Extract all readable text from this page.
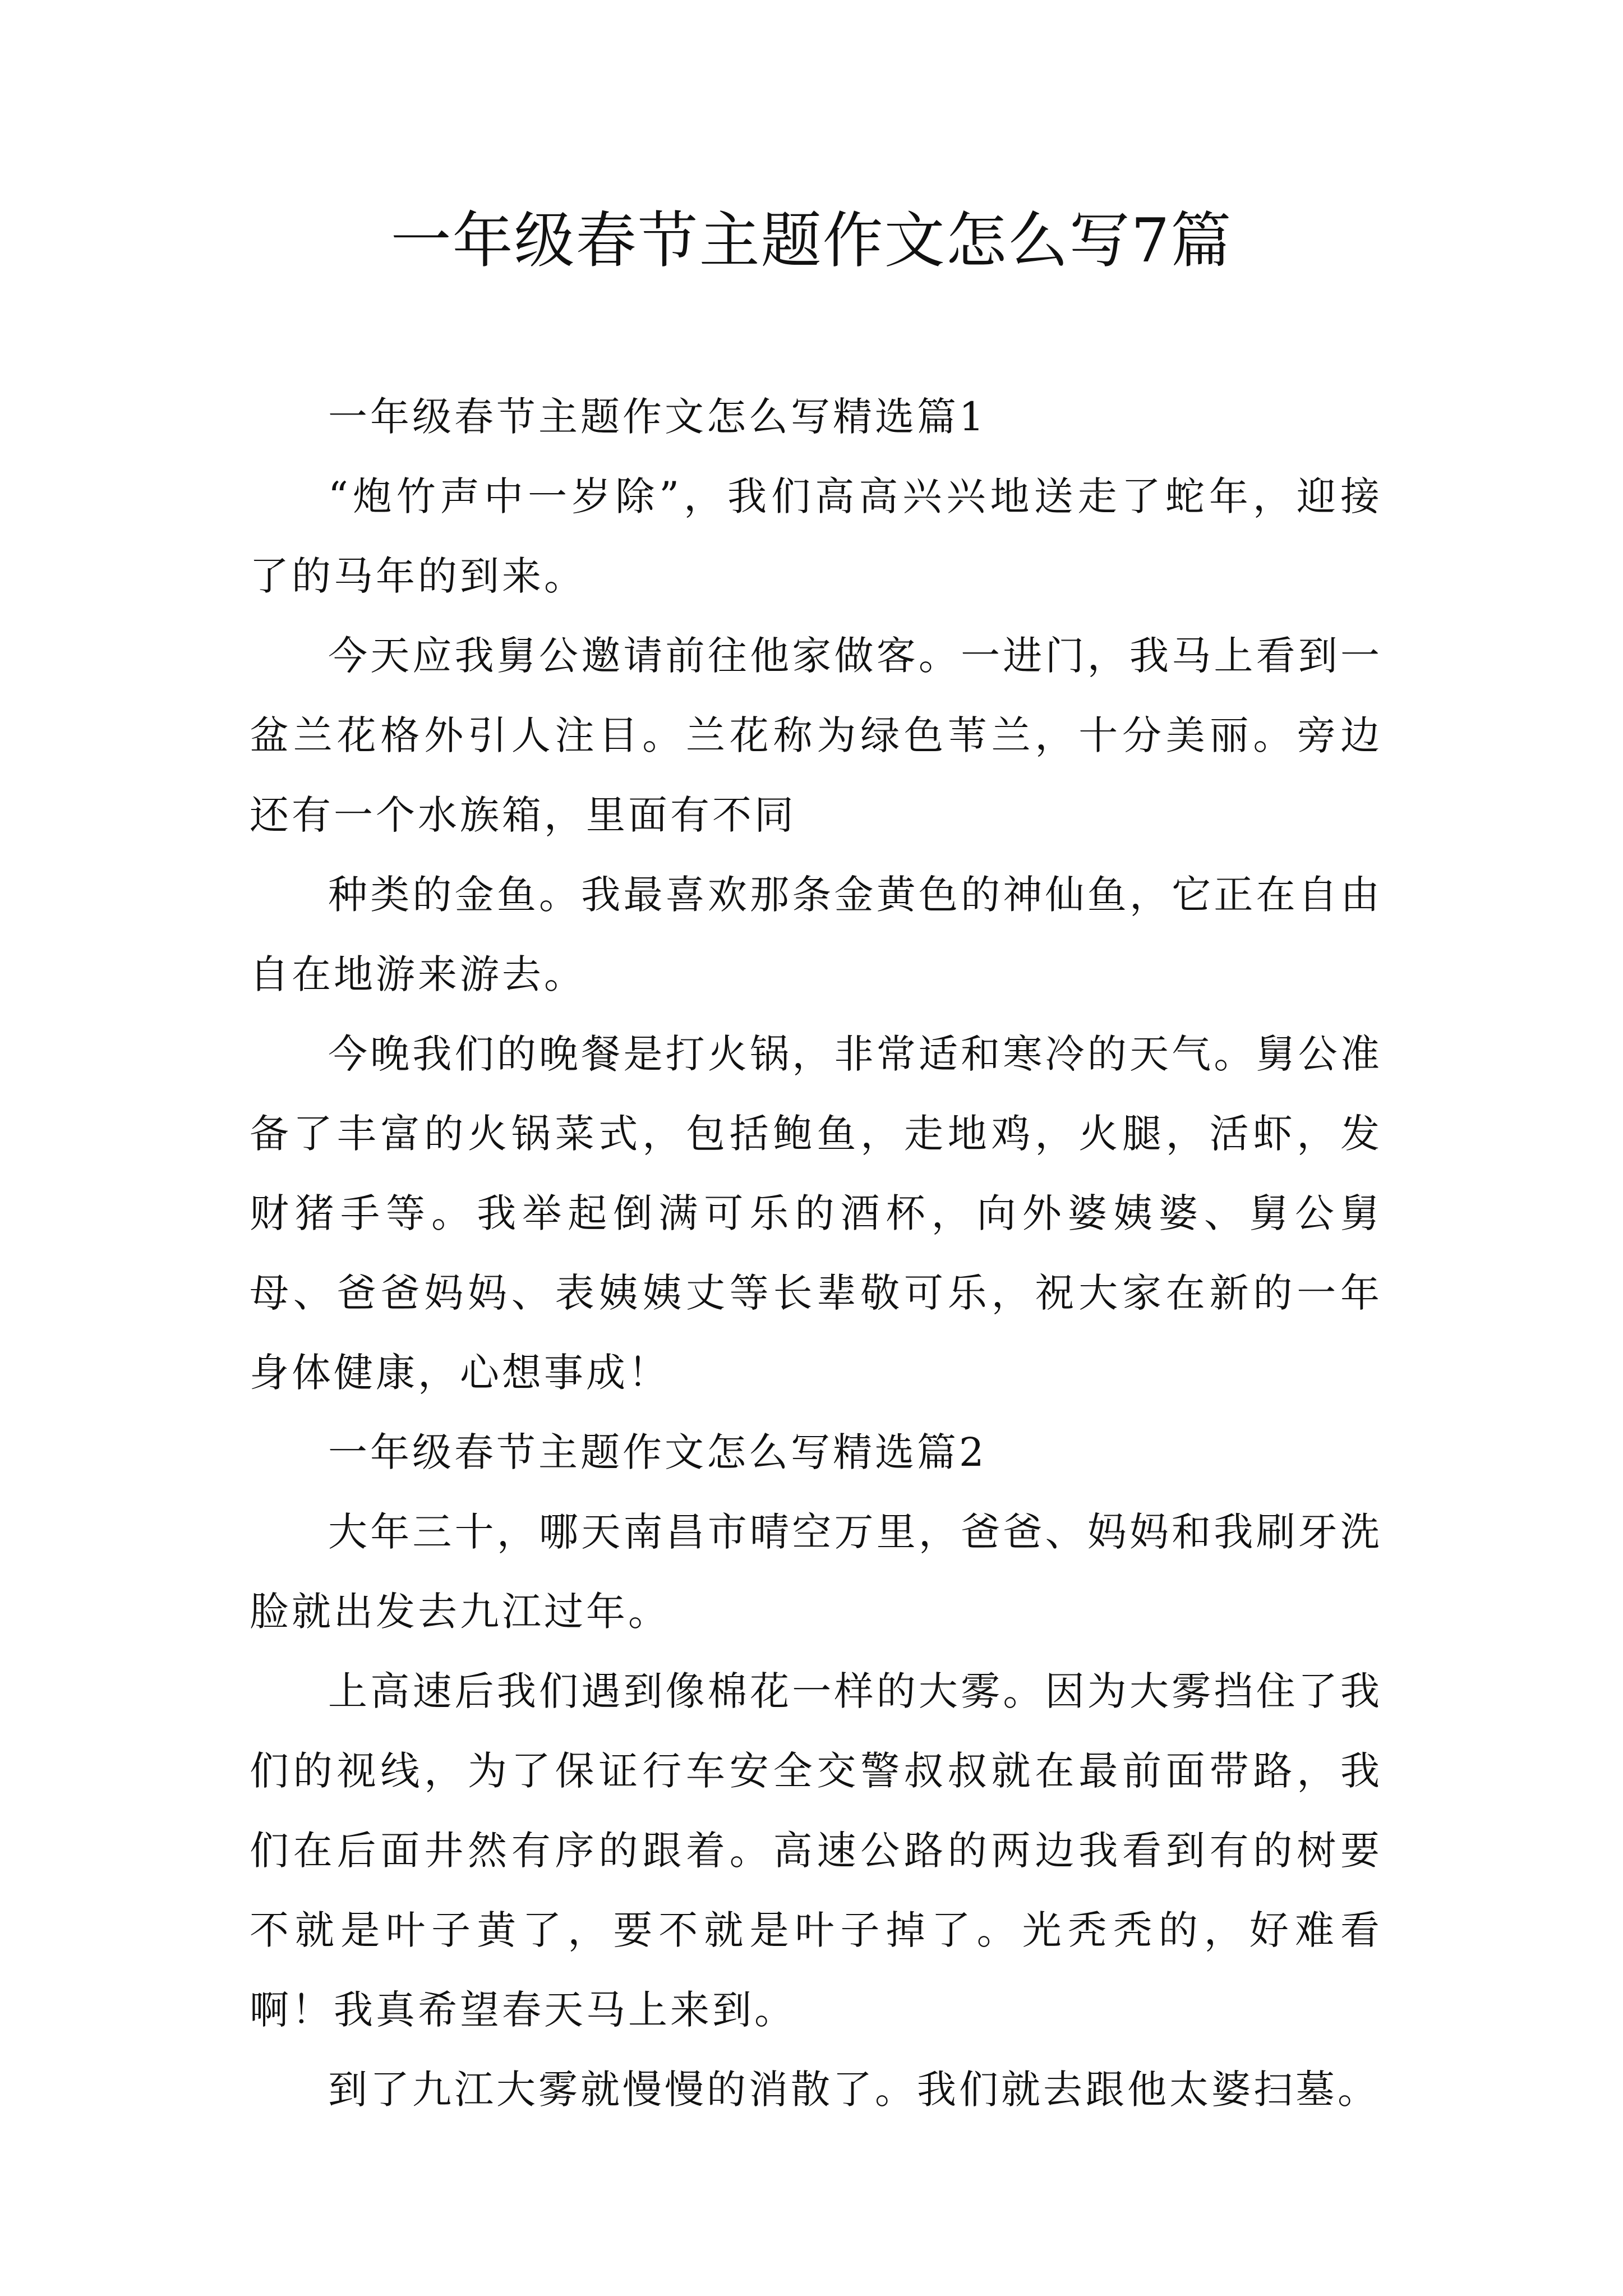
一年级春节主题作文怎么写7篇

一年级春节主题作文怎么写精选篇1

“炮竹声中一岁除”，我们高高兴兴地送走了蛇年，迎接了的马年的到来。

今天应我舅公邀请前往他家做客。一进门，我马上看到一盆兰花格外引人注目。兰花称为绿色苇兰，十分美丽。旁边还有一个水族箱，里面有不同

种类的金鱼。我最喜欢那条金黄色的神仙鱼，它正在自由自在地游来游去。

今晚我们的晚餐是打火锅，非常适和寒冷的天气。舅公准备了丰富的火锅菜式，包括鲍鱼，走地鸡，火腿，活虾，发财猪手等。我举起倒满可乐的酒杯，向外婆姨婆、舅公舅母、爸爸妈妈、表姨姨丈等长辈敬可乐，祝大家在新的一年身体健康，心想事成！

一年级春节主题作文怎么写精选篇2

大年三十，哪天南昌市晴空万里，爸爸、妈妈和我刷牙洗脸就出发去九江过年。

上高速后我们遇到像棉花一样的大雾。因为大雾挡住了我们的视线，为了保证行车安全交警叔叔就在最前面带路，我们在后面井然有序的跟着。高速公路的两边我看到有的树要不就是叶子黄了，要不就是叶子掉了。光秃秃的，好难看啊！我真希望春天马上来到。

到了九江大雾就慢慢的消散了。我们就去跟他太婆扫墓。
